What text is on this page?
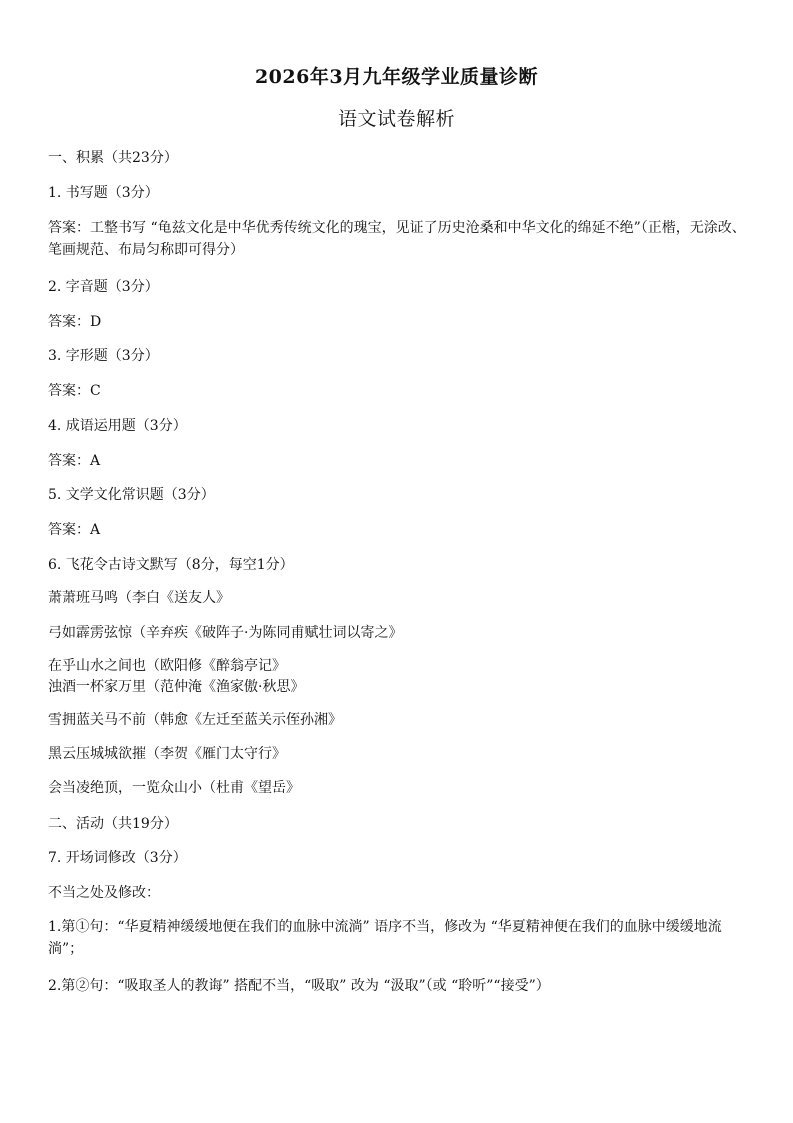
2026年3月九年级学业质量诊断
语文试卷解析
一、积累（共23分）
1. 书写题（3分）
答案：工整书写 “龟兹文化是中华优秀传统文化的瑰宝，见证了历史沧桑和中华文化的绵延不绝”（正楷，无涂改、笔画规范、布局匀称即可得分）
2. 字音题（3分）
答案：D
3. 字形题（3分）
答案：C
4. 成语运用题（3分）
答案：A
5. 文学文化常识题（3分）
答案：A
6. 飞花令古诗文默写（8分，每空1分）
萧萧班马鸣（李白《送友人》
弓如霹雳弦惊（辛弃疾《破阵子·为陈同甫赋壮词以寄之》
在乎山水之间也（欧阳修《醉翁亭记》
浊酒一杯家万里（范仲淹《渔家傲·秋思》
雪拥蓝关马不前（韩愈《左迁至蓝关示侄孙湘》
黑云压城城欲摧（李贺《雁门太守行》
会当凌绝顶，一览众山小（杜甫《望岳》
二、活动（共19分）
7. 开场词修改（3分）
不当之处及修改：
1.第①句：“华夏精神缓缓地便在我们的血脉中流淌” 语序不当，修改为 “华夏精神便在我们的血脉中缓缓地流淌”；
2.第②句：“吸取圣人的教诲” 搭配不当，“吸取” 改为 “汲取”（或 “聆听”“接受”）
